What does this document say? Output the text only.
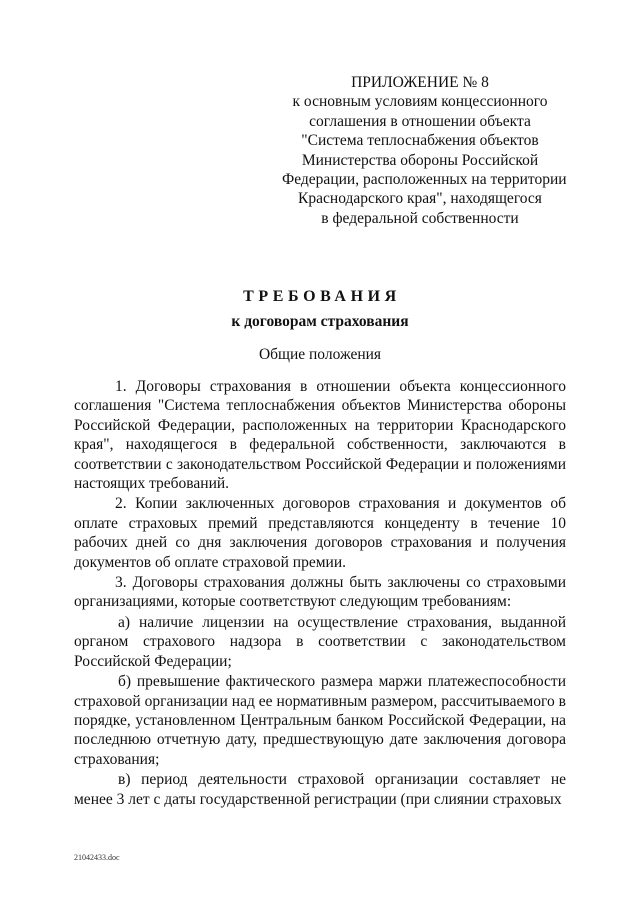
ПРИЛОЖЕНИЕ № 8
к основным условиям концессионного
соглашения в отношении объекта
"Система теплоснабжения объектов
Министерства обороны Российской
Федерации, расположенных на территории
Краснодарского края", находящегося
в федеральной собственности
ТРЕБОВАНИЯ
к договорам страхования
Общие положения

1. Договоры страхования в отношении объекта концессионного соглашения "Система теплоснабжения объектов Министерства обороны Российской Федерации, расположенных на территории Краснодарского края", находящегося в федеральной собственности, заключаются в соответствии с законодательством Российской Федерации и положениями настоящих требований.

2. Копии заключенных договоров страхования и документов об оплате страховых премий представляются концеденту в течение 10 рабочих дней со дня заключения договоров страхования и получения документов об оплате страховой премии.

3. Договоры страхования должны быть заключены со страховыми организациями, которые соответствуют следующим требованиям:

а) наличие лицензии на осуществление страхования, выданной органом страхового надзора в соответствии с законодательством Российской Федерации;

б) превышение фактического размера маржи платежеспособности страховой организации над ее нормативным размером, рассчитываемого в порядке, установленном Центральным банком Российской Федерации, на последнюю отчетную дату, предшествующую дате заключения договора страхования;

в) период деятельности страховой организации составляет не менее 3 лет с даты государственной регистрации (при слиянии страховых

21042433.doc
